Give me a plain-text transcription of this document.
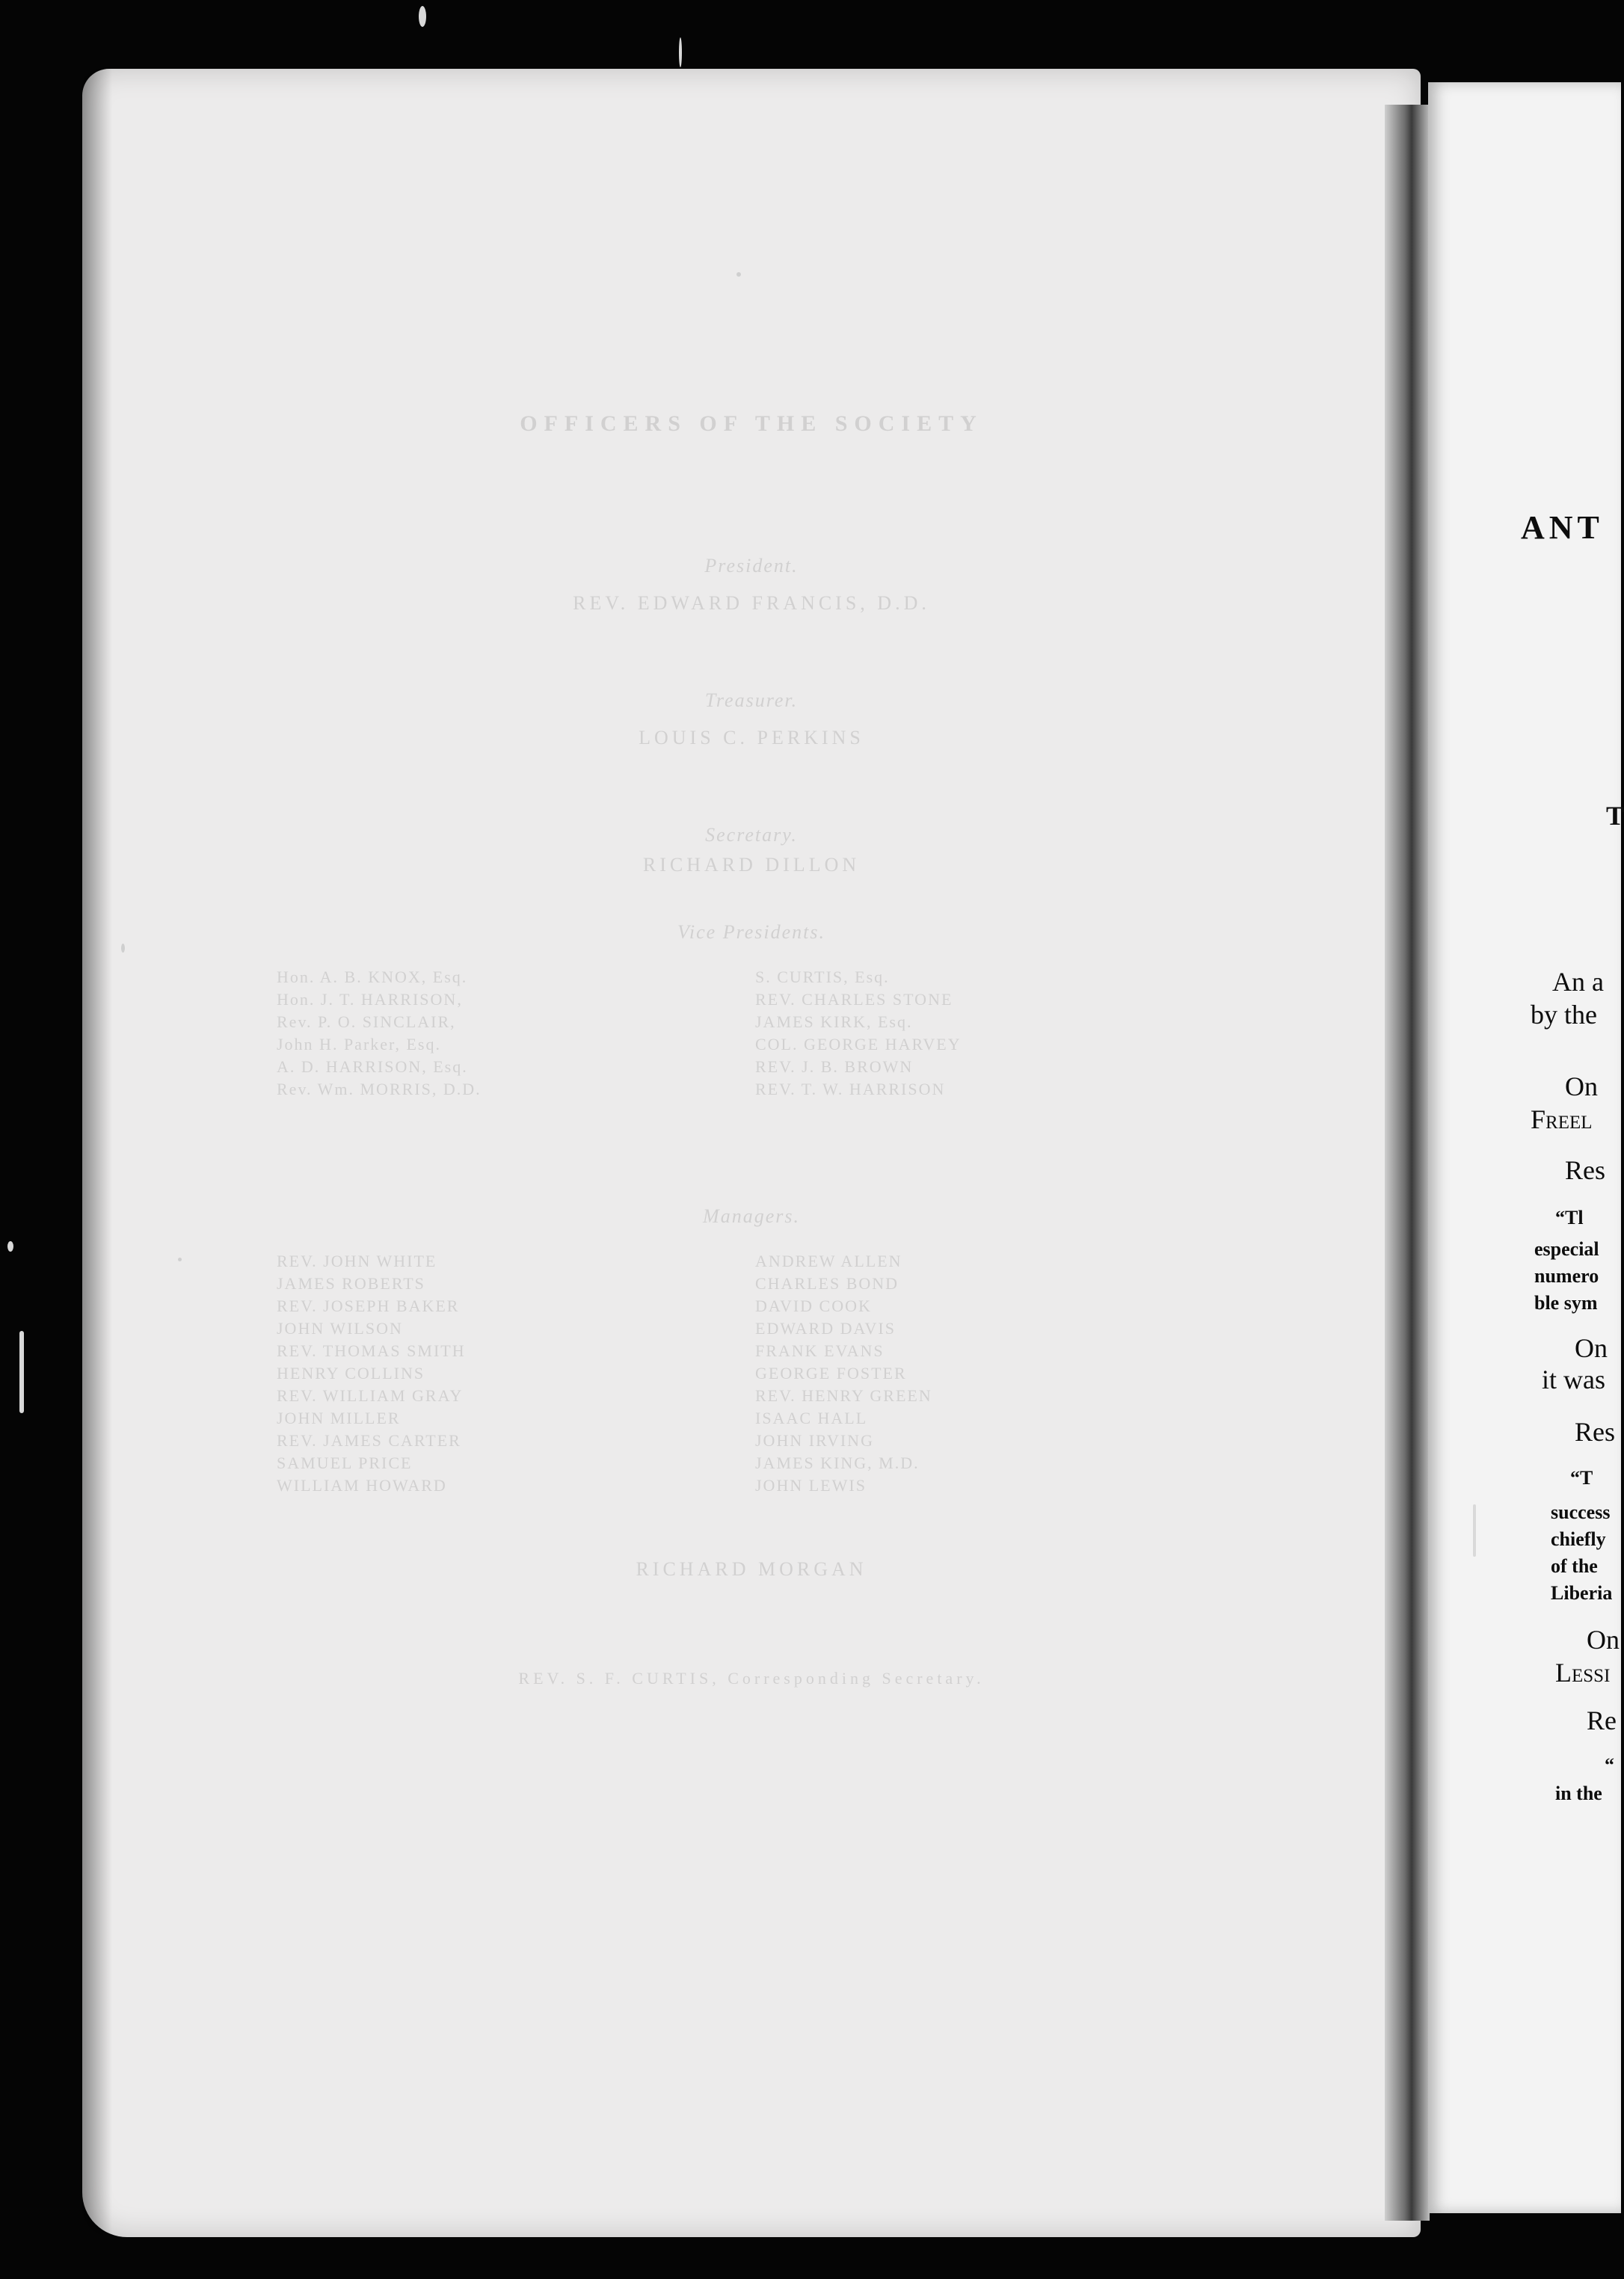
OFFICERS OF THE SOCIETY
President.
REV. EDWARD FRANCIS, D.D.
Treasurer.
LOUIS C. PERKINS
Secretary.
RICHARD DILLON
Vice Presidents.
Hon. A. B. KNOX, Esq.
Hon. J. T. HARRISON,
Rev. P. O. SINCLAIR,
John H. Parker, Esq.
A. D. HARRISON, Esq.
Rev. Wm. MORRIS, D.D.
S. CURTIS, Esq.
REV. CHARLES STONE
JAMES KIRK, Esq.
COL. GEORGE HARVEY
REV. J. B. BROWN
REV. T. W. HARRISON
Managers.
REV. JOHN WHITE
JAMES ROBERTS
REV. JOSEPH BAKER
JOHN WILSON
REV. THOMAS SMITH
HENRY COLLINS
REV. WILLIAM GRAY
JOHN MILLER
REV. JAMES CARTER
SAMUEL PRICE
WILLIAM HOWARD
ANDREW ALLEN
CHARLES BOND
DAVID COOK
EDWARD DAVIS
FRANK EVANS
GEORGE FOSTER
REV. HENRY GREEN
ISAAC HALL
JOHN IRVING
JAMES KING, M.D.
JOHN LEWIS
RICHARD MORGAN
REV. S. F. CURTIS, Corresponding Secretary.
ANT
T
An a
by the
On
Freel
Res
“Tl
especial
numero
ble sym
On
it was
Res
“T
success
chiefly
of the
Liberia
On
Lessi
Re
“
in the
